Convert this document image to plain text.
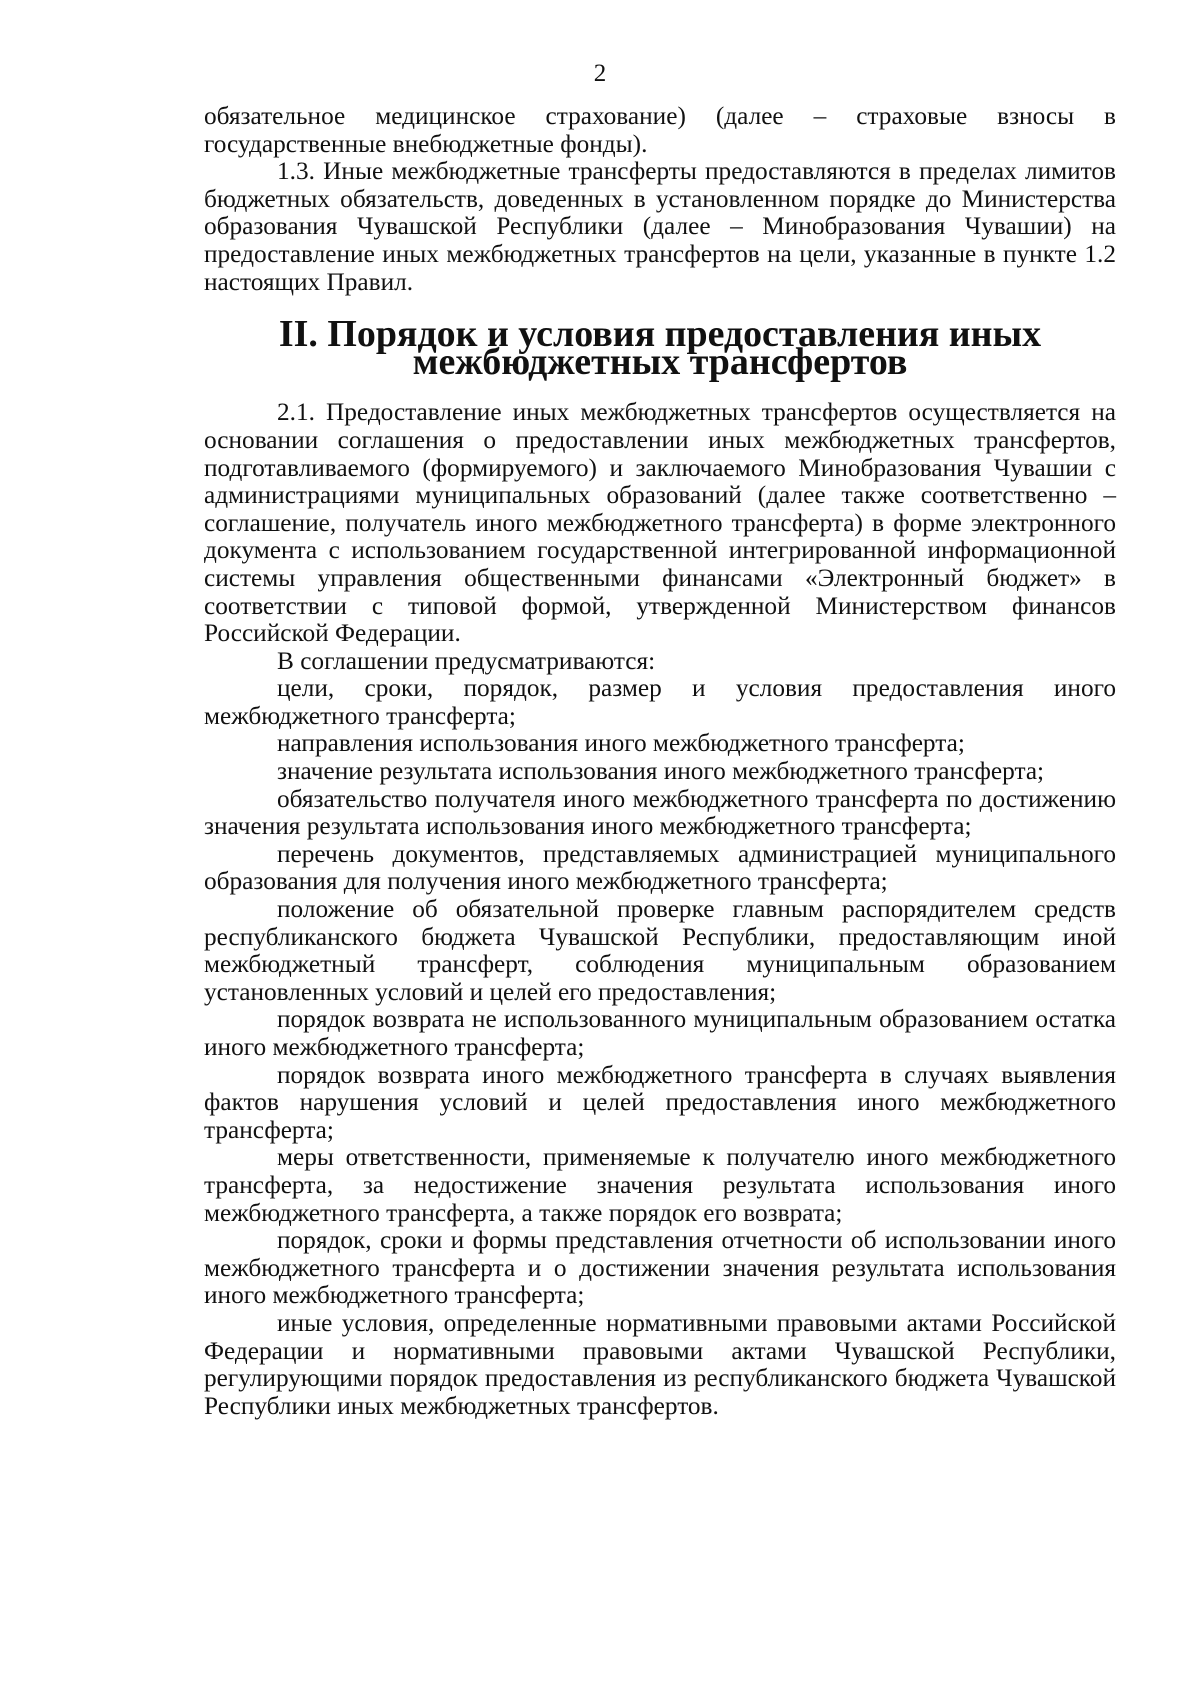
2

обязательное медицинское страхование) (далее – страховые взносы в государственные внебюджетные фонды).

1.3. Иные межбюджетные трансферты предоставляются в пределах лимитов бюджетных обязательств, доведенных в установленном порядке до Министерства образования Чувашской Республики (далее – Минобразования Чувашии) на предоставление иных межбюджетных трансфертов на цели, указанные в пункте 1.2 настоящих Правил.

II. Порядок и условия предоставления иных межбюджетных трансфертов

2.1. Предоставление иных межбюджетных трансфертов осуществляется на основании соглашения о предоставлении иных межбюджетных трансфертов, подготавливаемого (формируемого) и заключаемого Минобразования Чувашии с администрациями муниципальных образований (далее также соответственно – соглашение, получатель иного межбюджетного трансферта) в форме электронного документа с использованием государственной интегрированной информационной системы управления общественными финансами «Электронный бюджет» в соответствии с типовой формой, утвержденной Министерством финансов Российской Федерации.

В соглашении предусматриваются:

цели, сроки, порядок, размер и условия предоставления иного межбюджетного трансферта;

направления использования иного межбюджетного трансферта;

значение результата использования иного межбюджетного трансферта;

обязательство получателя иного межбюджетного трансферта по достижению значения результата использования иного межбюджетного трансферта;

перечень документов, представляемых администрацией муниципального образования для получения иного межбюджетного трансферта;

положение об обязательной проверке главным распорядителем средств республиканского бюджета Чувашской Республики, предоставляющим иной межбюджетный трансферт, соблюдения муниципальным образованием установленных условий и целей его предоставления;

порядок возврата не использованного муниципальным образованием остатка иного межбюджетного трансферта;

порядок возврата иного межбюджетного трансферта в случаях выявления фактов нарушения условий и целей предоставления иного межбюджетного трансферта;

меры ответственности, применяемые к получателю иного межбюджетного трансферта, за недостижение значения результата использования иного межбюджетного трансферта, а также порядок его возврата;

порядок, сроки и формы представления отчетности об использовании иного межбюджетного трансферта и о достижении значения результата использования иного межбюджетного трансферта;

иные условия, определенные нормативными правовыми актами Российской Федерации и нормативными правовыми актами Чувашской Республики, регулирующими порядок предоставления из республиканского бюджета Чувашской Республики иных межбюджетных трансфертов.
